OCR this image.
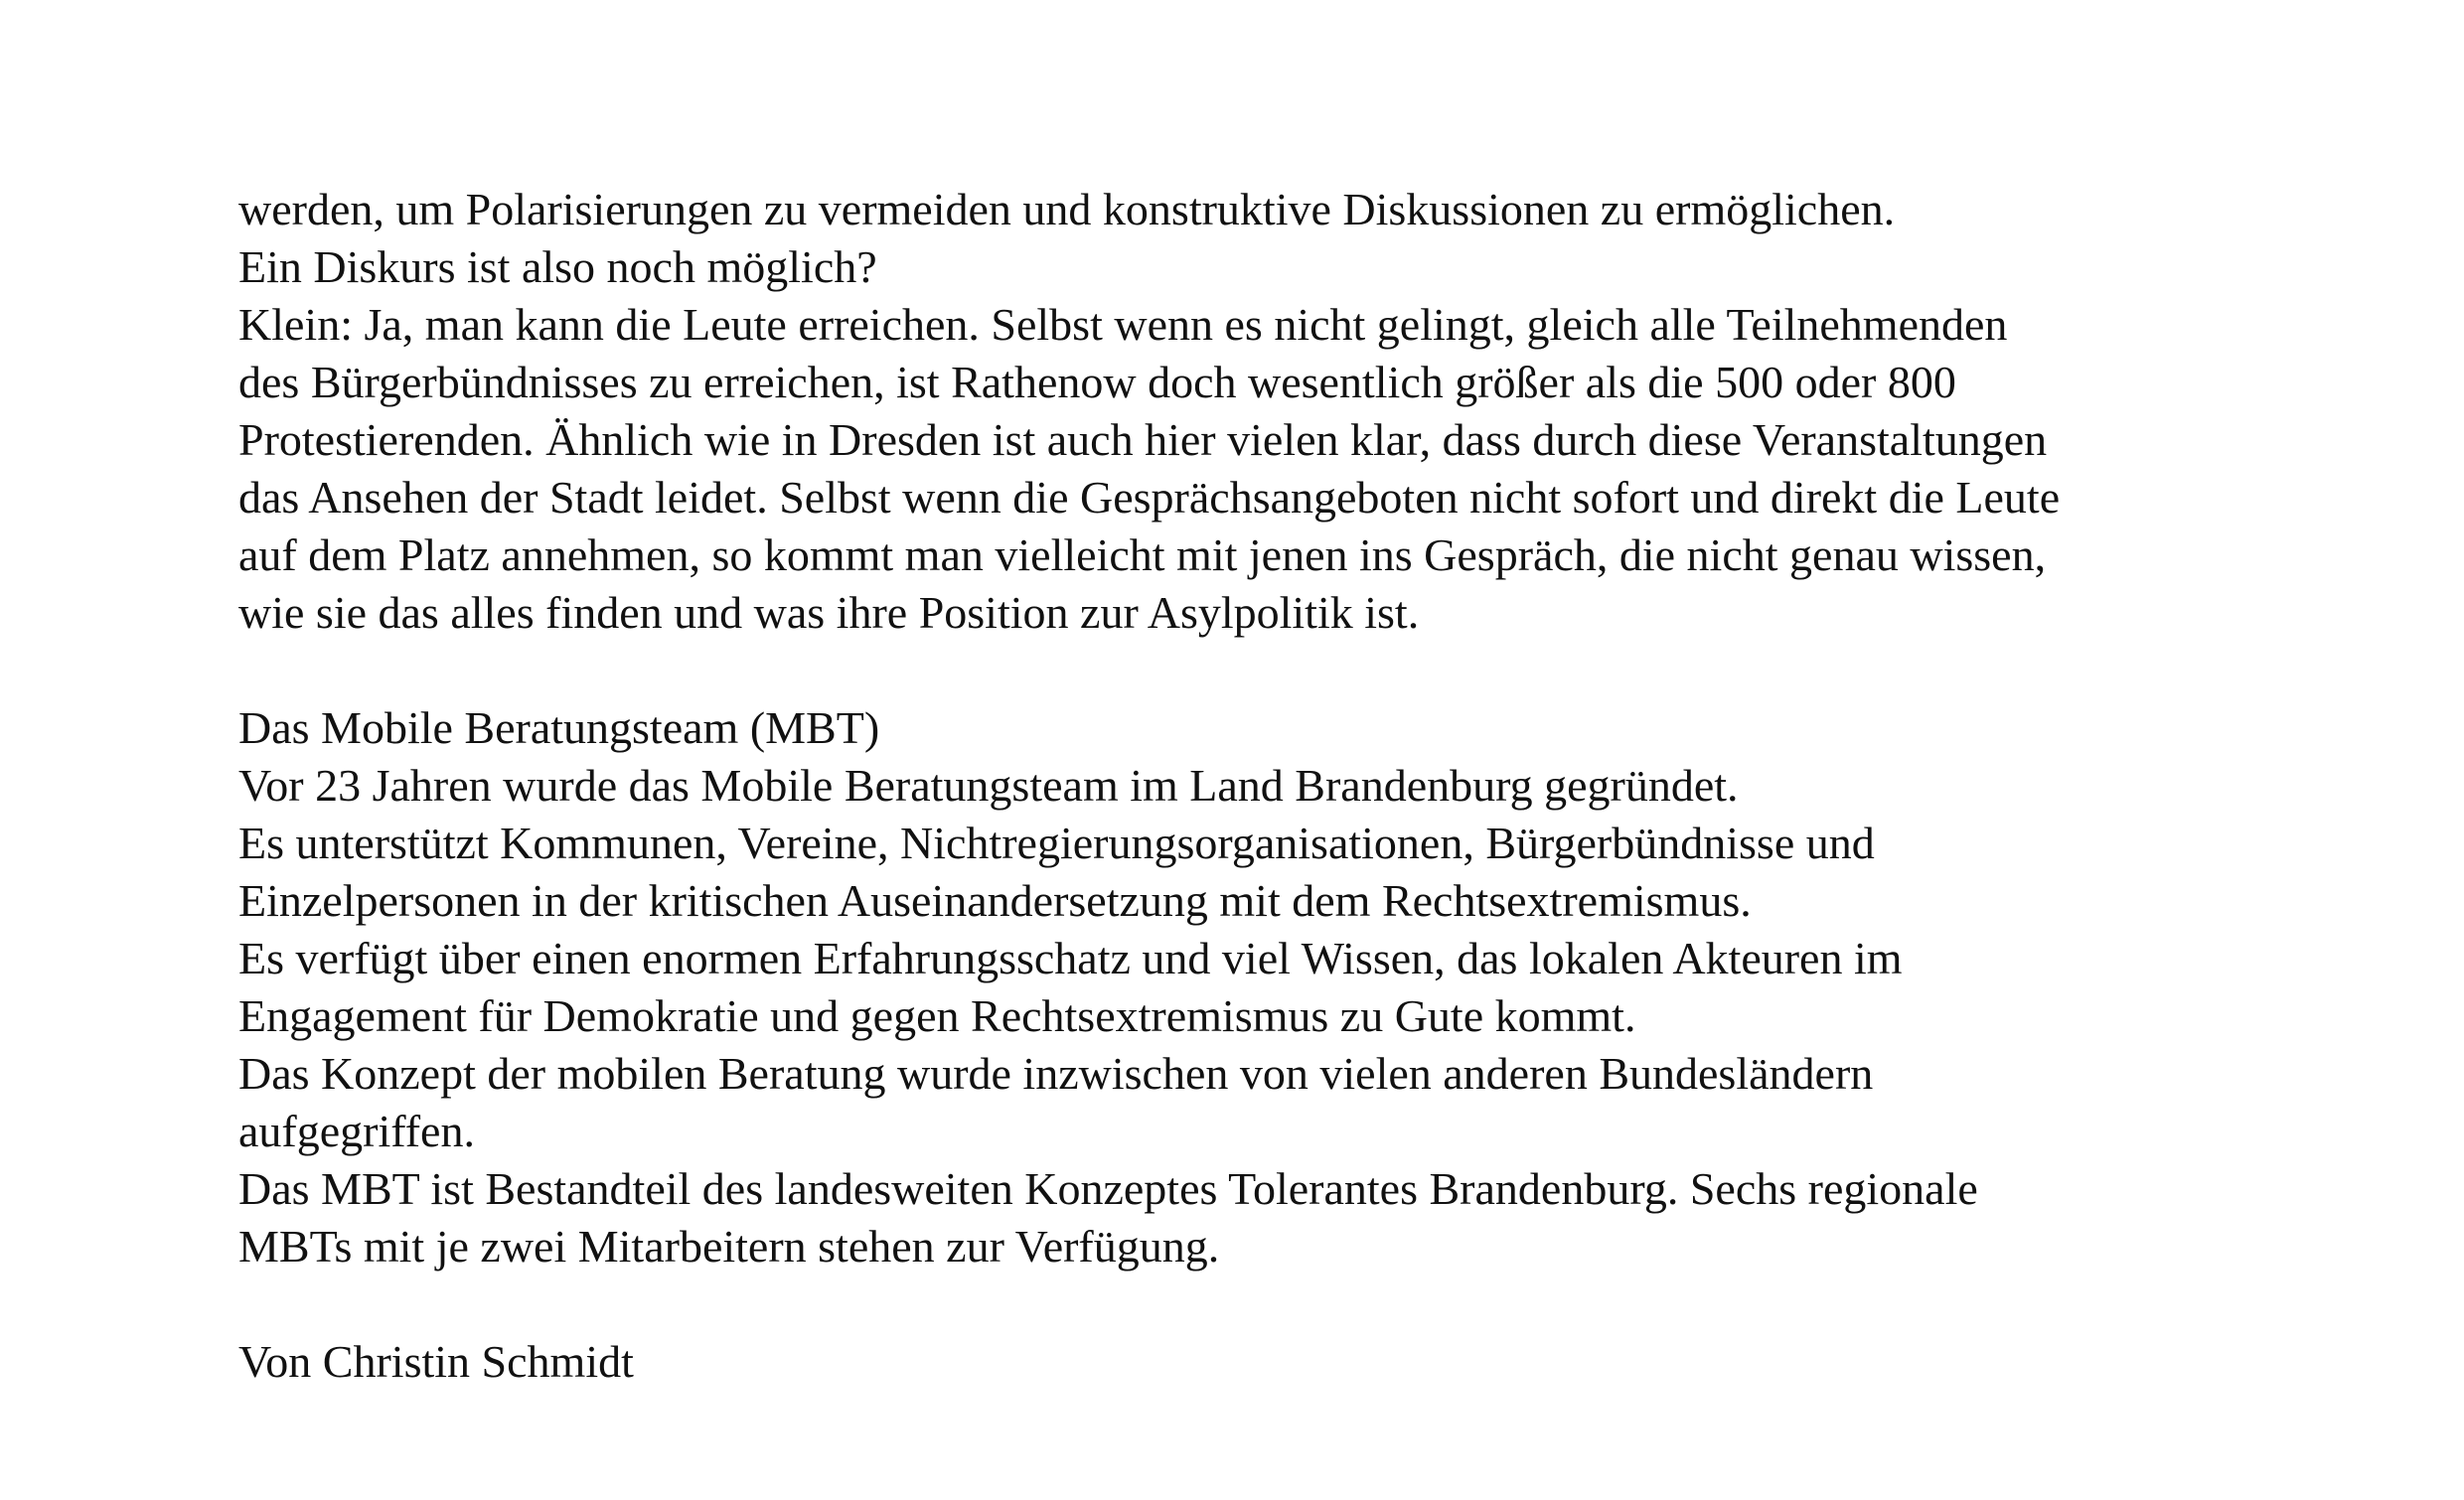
werden, um Polarisierungen zu vermeiden und konstruktive Diskussionen zu ermöglichen.
Ein Diskurs ist also noch möglich?
Klein: Ja, man kann die Leute erreichen. Selbst wenn es nicht gelingt, gleich alle Teilnehmenden
des Bürgerbündnisses zu erreichen, ist Rathenow doch wesentlich größer als die 500 oder 800
Protestierenden. Ähnlich wie in Dresden ist auch hier vielen klar, dass durch diese Veranstaltungen
das Ansehen der Stadt leidet. Selbst wenn die Gesprächsangeboten nicht sofort und direkt die Leute
auf dem Platz annehmen, so kommt man vielleicht mit jenen ins Gespräch, die nicht genau wissen,
wie sie das alles finden und was ihre Position zur Asylpolitik ist.
Das Mobile Beratungsteam (MBT)
Vor 23 Jahren wurde das Mobile Beratungsteam im Land Brandenburg gegründet.
Es unterstützt Kommunen, Vereine, Nichtregierungsorganisationen, Bürgerbündnisse und
Einzelpersonen in der kritischen Auseinandersetzung mit dem Rechtsextremismus.
Es verfügt über einen enormen Erfahrungsschatz und viel Wissen, das lokalen Akteuren im
Engagement für Demokratie und gegen Rechtsextremismus zu Gute kommt.
Das Konzept der mobilen Beratung wurde inzwischen von vielen anderen Bundesländern
aufgegriffen.
Das MBT ist Bestandteil des landesweiten Konzeptes Tolerantes Brandenburg. Sechs regionale
MBTs mit je zwei Mitarbeitern stehen zur Verfügung.
Von Christin Schmidt
